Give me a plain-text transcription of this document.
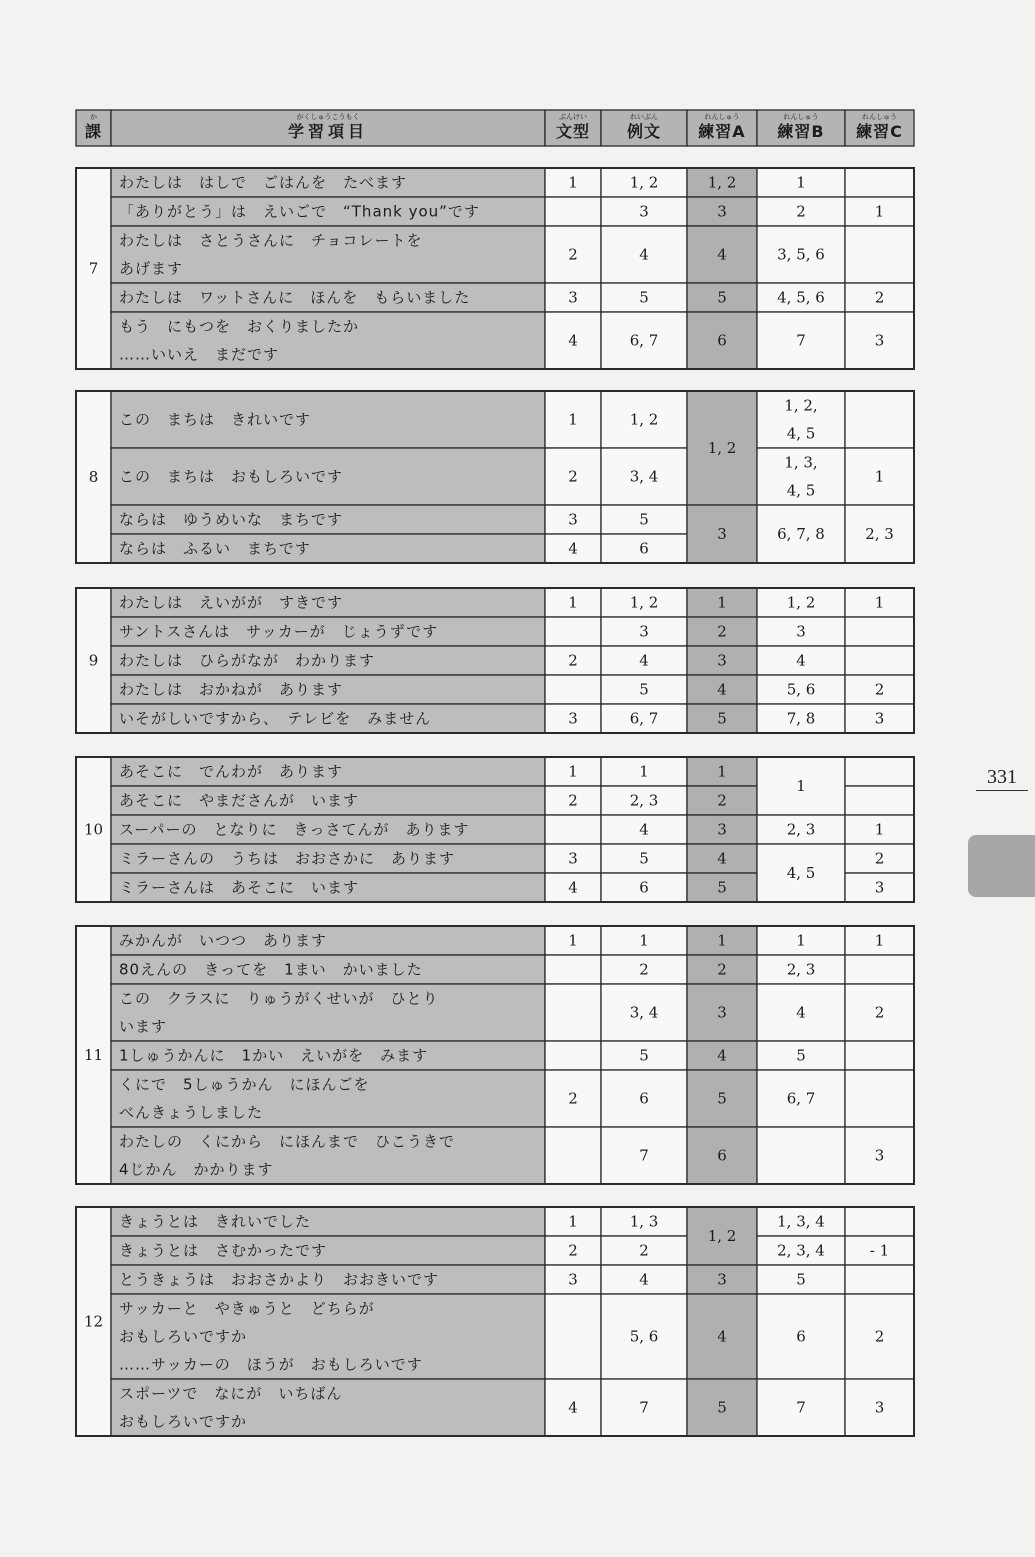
か
課
がくしゅうこうもく
学習項目
ぶんけい
文型
れいぶん
例文
れんしゅう
練習A
れんしゅう
練習B
れんしゅう
練習C
7
わたしは　はしで　ごはんを　たべます
「ありがとう」は　えいごで　“Thank you”です
わたしは　さとうさんに　チョコレートを
あげます
わたしは　ワットさんに　ほんを　もらいました
もう　にもつを　おくりましたか
……いいえ　まだです
1
2
3
4
1, 2
3
4
5
6, 7
1, 2
3
4
5
6
1
2
3, 5, 6
4, 5, 6
7
1
2
3
8
この　まちは　きれいです
この　まちは　おもしろいです
ならは　ゆうめいな　まちです
ならは　ふるい　まちです
1
2
3
4
1, 2
3, 4
5
6
1, 2
3
1, 2,
4, 5
1, 3,
4, 5
6, 7, 8
1
2, 3
9
わたしは　えいがが　すきです
サントスさんは　サッカーが　じょうずです
わたしは　ひらがなが　わかります
わたしは　おかねが　あります
いそがしいですから、　テレビを　みません
1
2
3
1, 2
3
4
5
6, 7
1
2
3
4
5
1, 2
3
4
5, 6
7, 8
1
2
3
10
あそこに　でんわが　あります
あそこに　やまださんが　います
スーパーの　となりに　きっさてんが　あります
ミラーさんの　うちは　おおさかに　あります
ミラーさんは　あそこに　います
1
2
3
4
1
2, 3
4
5
6
1
2
3
4
5
1
2, 3
4, 5
1
2
3
11
みかんが　いつつ　あります
80えんの　きってを　1まい　かいました
この　クラスに　りゅうがくせいが　ひとり
います
1しゅうかんに　1かい　えいがを　みます
くにで　5しゅうかん　にほんごを
べんきょうしました
わたしの　くにから　にほんまで　ひこうきで
4じかん　かかります
1
2
1
2
3, 4
5
6
7
1
2
3
4
5
6
1
2, 3
4
5
6, 7
1
2
3
12
きょうとは　きれいでした
きょうとは　さむかったです
とうきょうは　おおさかより　おおきいです
サッカーと　やきゅうと　どちらが
おもしろいですか
……サッカーの　ほうが　おもしろいです
スポーツで　なにが　いちばん
おもしろいですか
1
2
3
4
1, 3
2
4
5, 6
7
1, 2
3
4
5
1, 3, 4
2, 3, 4
5
6
7
- 1
2
3
331
